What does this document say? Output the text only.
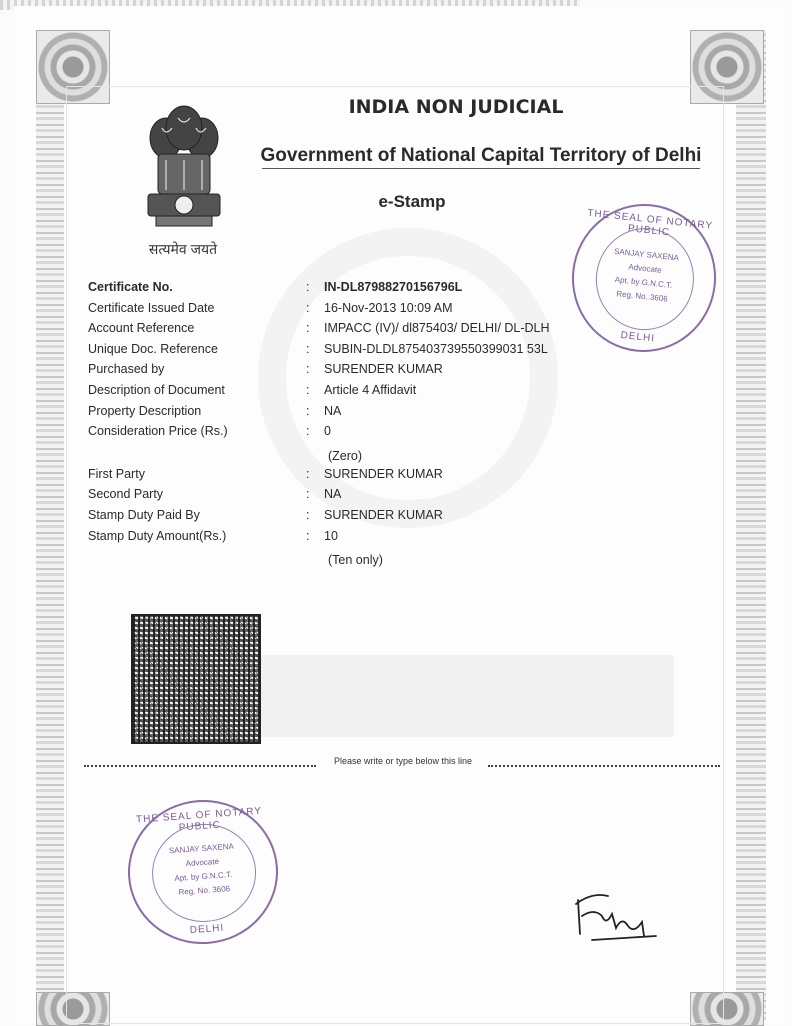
सत्यमेव जयते
INDIA NON JUDICIAL
Government of National Capital Territory of Delhi
e-Stamp
Certificate No.	: IN-DL87988270156796L
Certificate Issued Date	: 16-Nov-2013 10:09 AM
Account Reference	: IMPACC (IV)/ dl875403/ DELHI/ DL-DLH
Unique Doc. Reference	: SUBIN-DLDL875403739550399031 53L
Purchased by	: SURENDER KUMAR
Description of Document	: Article 4 Affidavit
Property Description	: NA
Consideration Price (Rs.)	: 0
(Zero)
First Party	: SURENDER KUMAR
Second Party	: NA
Stamp Duty Paid By	: SURENDER KUMAR
Stamp Duty Amount(Rs.)	: 10
(Ten only)
Please write or type below this line
THE SEAL OF NOTARY PUBLIC
SANJAY SAXENA
Advocate
Apt. by G.N.C.T.
Reg. No. 3606
DELHI
THE SEAL OF NOTARY PUBLIC
SANJAY SAXENA
Advocate
Apt. by G.N.C.T.
Reg. No. 3606
DELHI
